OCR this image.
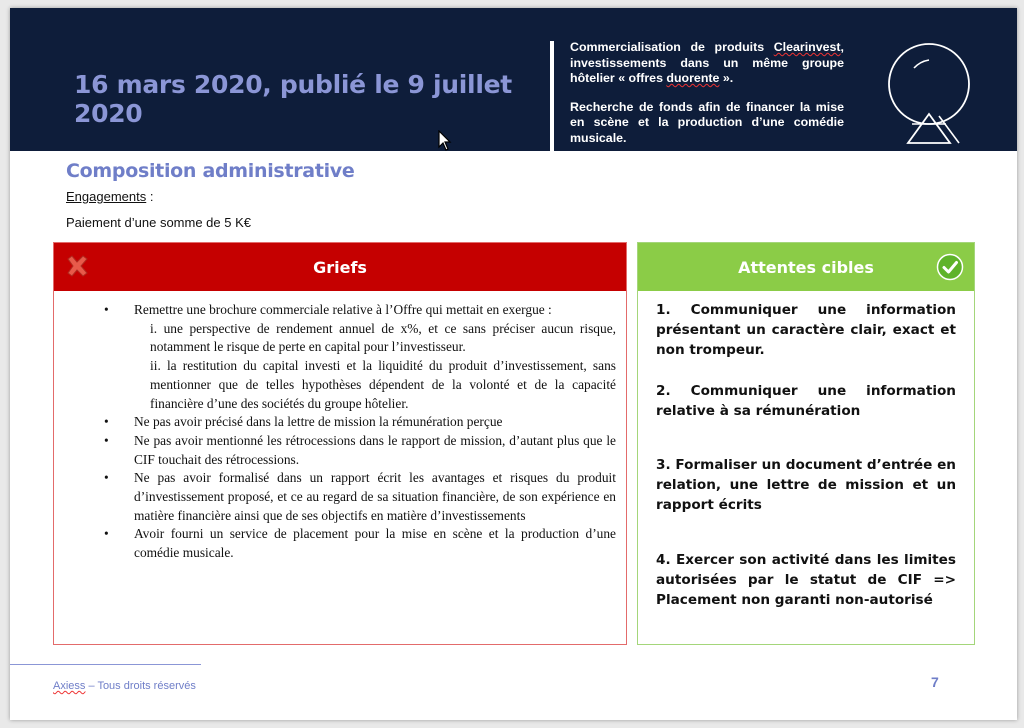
16 mars 2020, publié le 9 juillet 2020

Commercialisation de produits Clearinvest, investissements dans un même groupe hôtelier « offres duorente ».

Recherche de fonds afin de financer la mise en scène et la production d’une comédie musicale.

Composition administrative
Engagements :
Paiement d’une somme de 5 K€
Griefs
• Remettre une brochure commerciale relative à l’Offre qui mettait en exergue :
i. une perspective de rendement annuel de x%, et ce sans préciser aucun risque, notamment le risque de perte en capital pour l’investisseur.
ii. la restitution du capital investi et la liquidité du produit d’investissement, sans mentionner que de telles hypothèses dépendent de la volonté et de la capacité financière d’une des sociétés du groupe hôtelier.
• Ne pas avoir précisé dans la lettre de mission la rémunération perçue
• Ne pas avoir mentionné les rétrocessions dans le rapport de mission, d’autant plus que le CIF touchait des rétrocessions.
• Ne pas avoir formalisé dans un rapport écrit les avantages et risques du produit d’investissement proposé, et ce au regard de sa situation financière, de son expérience en matière financière ainsi que de ses objectifs en matière d’investissements
• Avoir fourni un service de placement pour la mise en scène et la production d’une comédie musicale.
Attentes cibles
1. Communiquer une information présentant un caractère clair, exact et non trompeur.
2. Communiquer une information relative à sa rémunération
3. Formaliser un document d’entrée en relation, une lettre de mission et un rapport écrits
4. Exercer son activité dans les limites autorisées par le statut de CIF => Placement non garanti non-autorisé
Axiess – Tous droits réservés	7
